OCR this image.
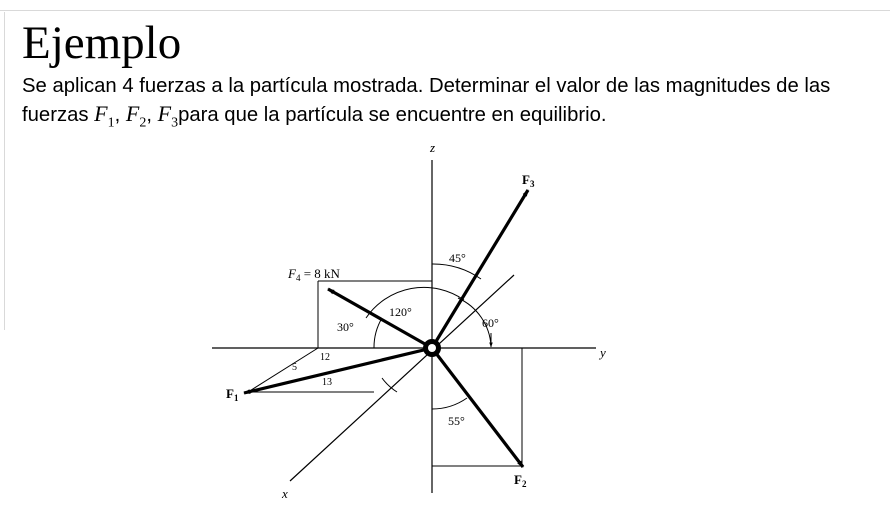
Ejemplo

Se aplican 4 fuerzas a la partícula mostrada. Determinar el valor de las magnitudes de las
fuerzas $F_1$, $F_2$, $F_3para$ que la partícula se encuentre en equilibrio.

z
y
x
$F_3$
$F_4 = 8$ kN
$F_1$
$F_2$
45°
60°
30°
120°
55°
5
12
13
